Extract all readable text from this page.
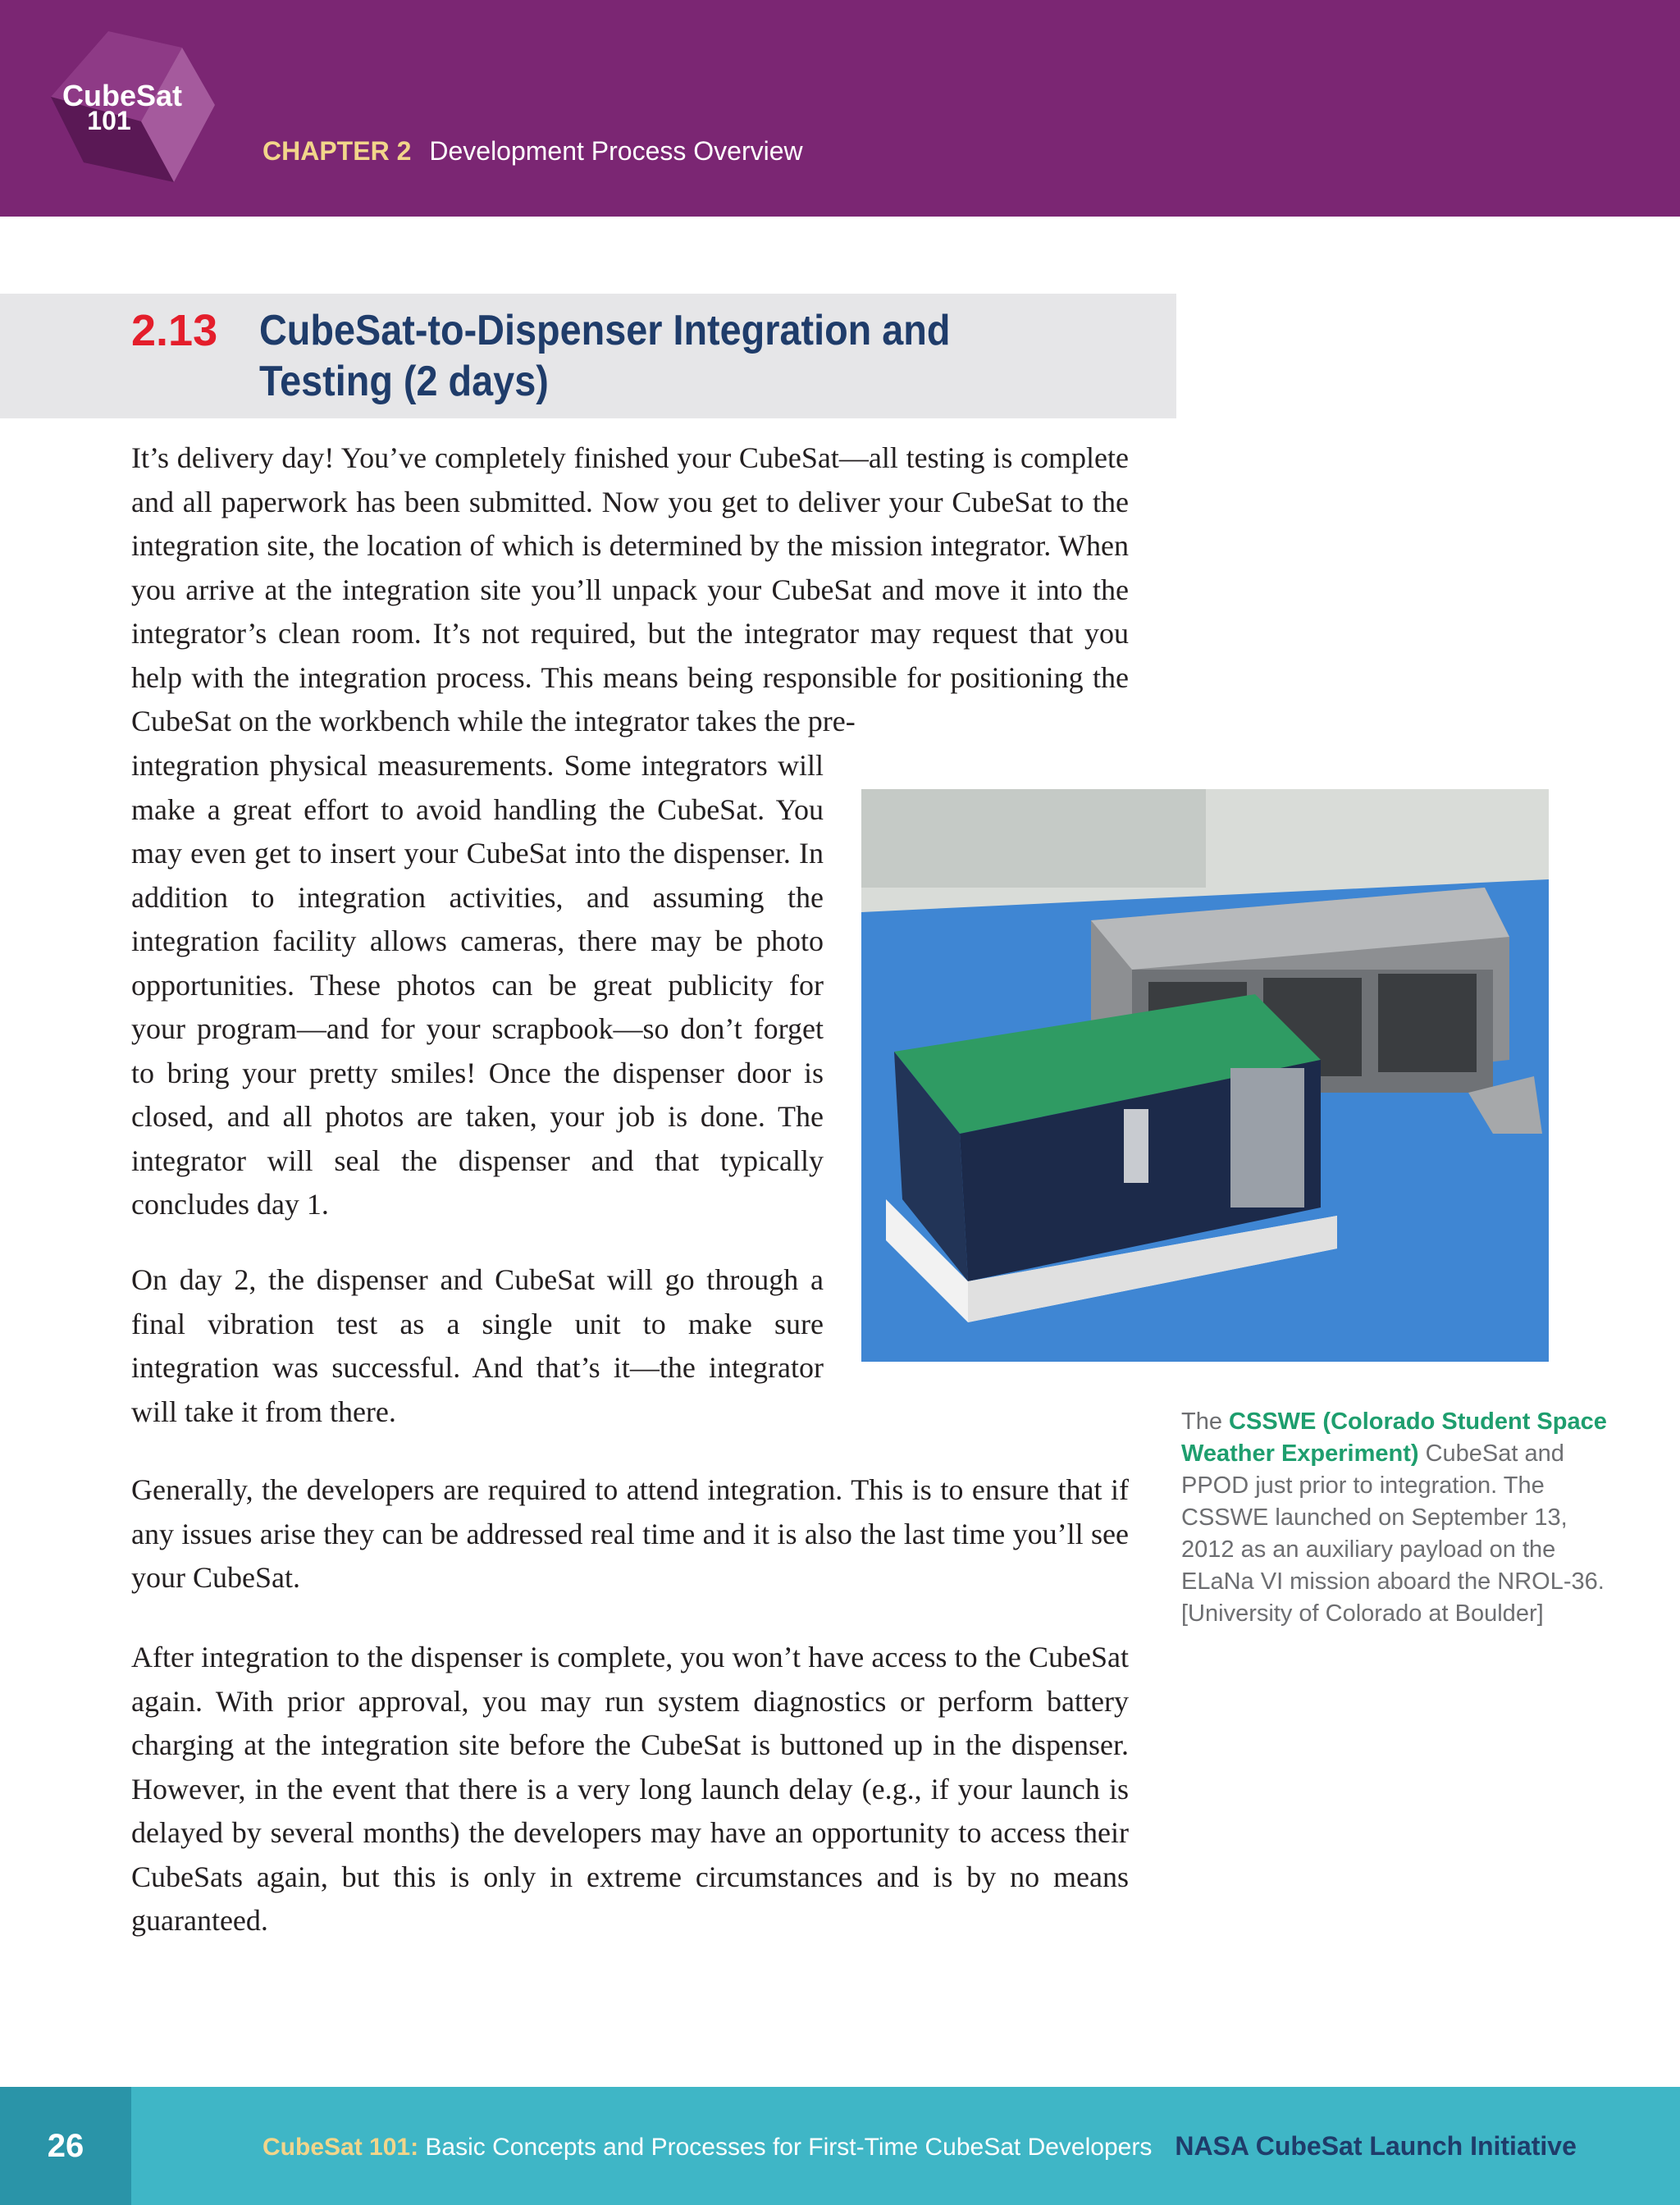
CubeSat
101
CHAPTER 2 Development Process Overview
2.13 CubeSat-to-Dispenser Integration and Testing (2 days)

It’s delivery day! You’ve completely finished your CubeSat—all testing is complete and all paperwork has been submitted. Now you get to deliver your CubeSat to the integration site, the location of which is determined by the mission integrator. When you arrive at the integration site you’ll unpack your CubeSat and move it into the integrator’s clean room. It’s not required, but the integrator may request that you help with the integration process. This means being responsible for positioning the CubeSat on the workbench while the integrator takes the pre-

integration physical measurements. Some integrators will make a great effort to avoid handling the CubeSat. You may even get to insert your CubeSat into the dispenser. In addition to integration activities, and assuming the integration facility allows cameras, there may be photo opportunities. These photos can be great publicity for your program—and for your scrapbook—so don’t forget to bring your pretty smiles! Once the dispenser door is closed, and all photos are taken, your job is done. The integrator will seal the dispenser and that typically concludes day 1.

On day 2, the dispenser and CubeSat will go through a final vibration test as a single unit to make sure integration was successful. And that’s it—the integrator will take it from there.

Generally, the developers are required to attend integration. This is to ensure that if any issues arise they can be addressed real time and it is also the last time you’ll see your CubeSat.

After integration to the dispenser is complete, you won’t have access to the CubeSat again. With prior approval, you may run system diagnostics or perform battery charging at the integration site before the CubeSat is buttoned up in the dispenser. However, in the event that there is a very long launch delay (e.g., if your launch is delayed by several months) the developers may have an opportunity to access their CubeSats again, but this is only in extreme circumstances and is by no means guaranteed.

The CSSWE (Colorado Student Space Weather Experiment) CubeSat and PPOD just prior to integration. The CSSWE launched on September 13, 2012 as an auxiliary payload on the ELaNa VI mission aboard the NROL-36. [University of Colorado at Boulder]
26	CubeSat 101: Basic Concepts and Processes for First-Time CubeSat Developers NASA CubeSat Launch Initiative
